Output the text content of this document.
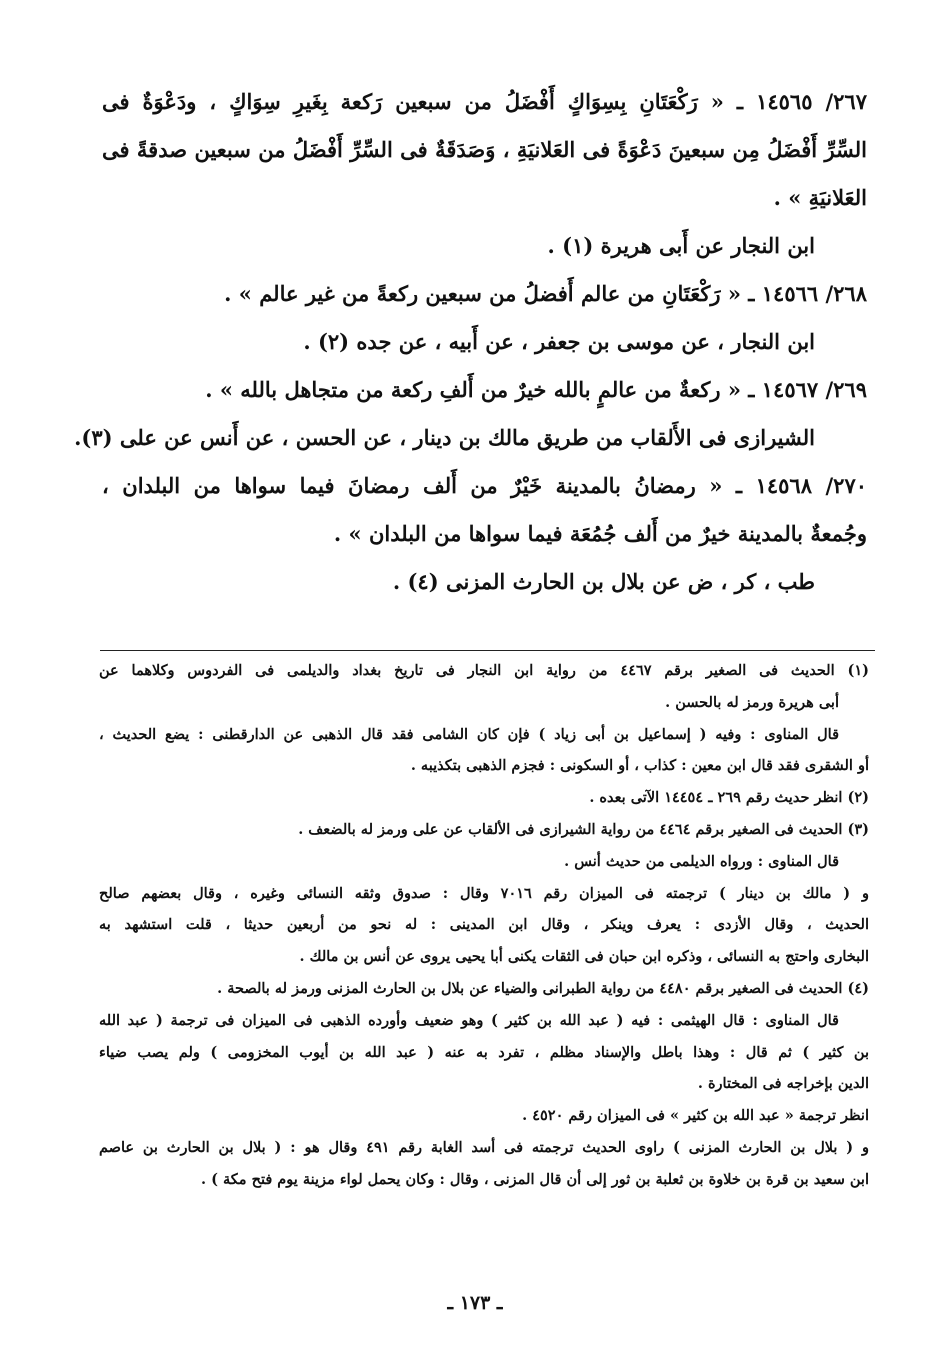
٢٦٧/ ١٤٥٦٥ ـ « رَكْعَتَانِ بِسِوَاكٍ أَفْضَلُ من سبعين رَكعة بِغَيرِ سِوَاكٍ ، ودَعْوَةٌ فى
السِّرِّ أَفْضَلُ مِن سبعينَ دَعْوَةً فى العَلانيَةِ ، وَصَدَقَةٌ فى السِّرِّ أَفْضَلُ من سبعين صدقةً فى
العَلانيَةِ » .
ابن النجار عن أَبى هريرة (١) .
٢٦٨/ ١٤٥٦٦ ـ « رَكْعَتَانِ من عالم أَفضلُ من سبعين ركعةً من غير عالم » .
ابن النجار ، عن موسى بن جعفر ، عن أَبيه ، عن جده (٢) .
٢٦٩/ ١٤٥٦٧ ـ « ركعةٌ من عالمٍ بالله خيرٌ من أَلفِ ركعة من متجاهل بالله » .
الشيرازى فى الأَلقاب من طريق مالك بن دينار ، عن الحسن ، عن أَنس عن على (٣).
٢٧٠/ ١٤٥٦٨ ـ « رمضانُ بالمدينة خَيْرٌ من أَلف رمضانَ فيما سواها من البلدان ،
وجُمعةٌ بالمدينة خيرٌ من أَلف جُمُعَة فيما سواها من البلدان » .
طب ، كر ، ض عن بلال بن الحارث المزنى (٤) .
(١) الحديث فى الصغير برقم ٤٤٦٧ من رواية ابن النجار فى تاريخ بغداد والديلمى فى الفردوس وكلاهما عن
أبى هريرة ورمز له بالحسن .
قال المناوى : وفيه ( إسماعيل بن أبى زياد ) فإن كان الشامى فقد قال الذهبى عن الدارقطنى : يضع الحديث ،
أو الشقرى فقد قال ابن معين : كذاب ، أو السكونى : فجزم الذهبى بتكذيبه .
(٢) انظر حديث رقم ٢٦٩ ـ ١٤٤٥٤ الآتى بعده .
(٣) الحديث فى الصغير برقم ٤٤٦٤ من رواية الشيرازى فى الألقاب عن على ورمز له بالضعف .
قال المناوى : ورواه الديلمى من حديث أنس .
و ( مالك بن دينار ) ترجمته فى الميزان رقم ٧٠١٦ وقال : صدوق وثقه النسائى وغيره ، وقال بعضهم صالح
الحديث ، وقال الأزدى : يعرف وينكر ، وقال ابن المدينى : له نحو من أربعين حديثا ، قلت استشهد به
البخارى واحتج به النسائى ، وذكره ابن حبان فى الثقات يكنى أبا يحيى يروى عن أنس بن مالك .
(٤) الحديث فى الصغير برقم ٤٤٨٠ من رواية الطبرانى والضياء عن بلال بن الحارث المزنى ورمز له بالصحة .
قال المناوى : قال الهيثمى : فيه ( عبد الله بن كثير ) وهو ضعيف وأورده الذهبى فى الميزان فى ترجمة ( عبد الله
بن كثير ) ثم قال : وهذا باطل والإسناد مظلم ، تفرد به عنه ( عبد الله بن أيوب المخزومى ) ولم يصب ضياء
الدين بإخراجه فى المختارة .
انظر ترجمة « عبد الله بن كثير » فى الميزان رقم ٤٥٢٠ .
و ( بلال بن الحارث المزنى ) راوى الحديث ترجمته فى أسد الغابة رقم ٤٩١ وقال هو : ( بلال بن الحارث بن عاصم
ابن سعيد بن قرة بن خلاوة بن ثعلبة بن ثور إلى أن قال المزنى ، وقال : وكان يحمل لواء مزينة يوم فتح مكة ) .
ـ ١٧٣ ـ
